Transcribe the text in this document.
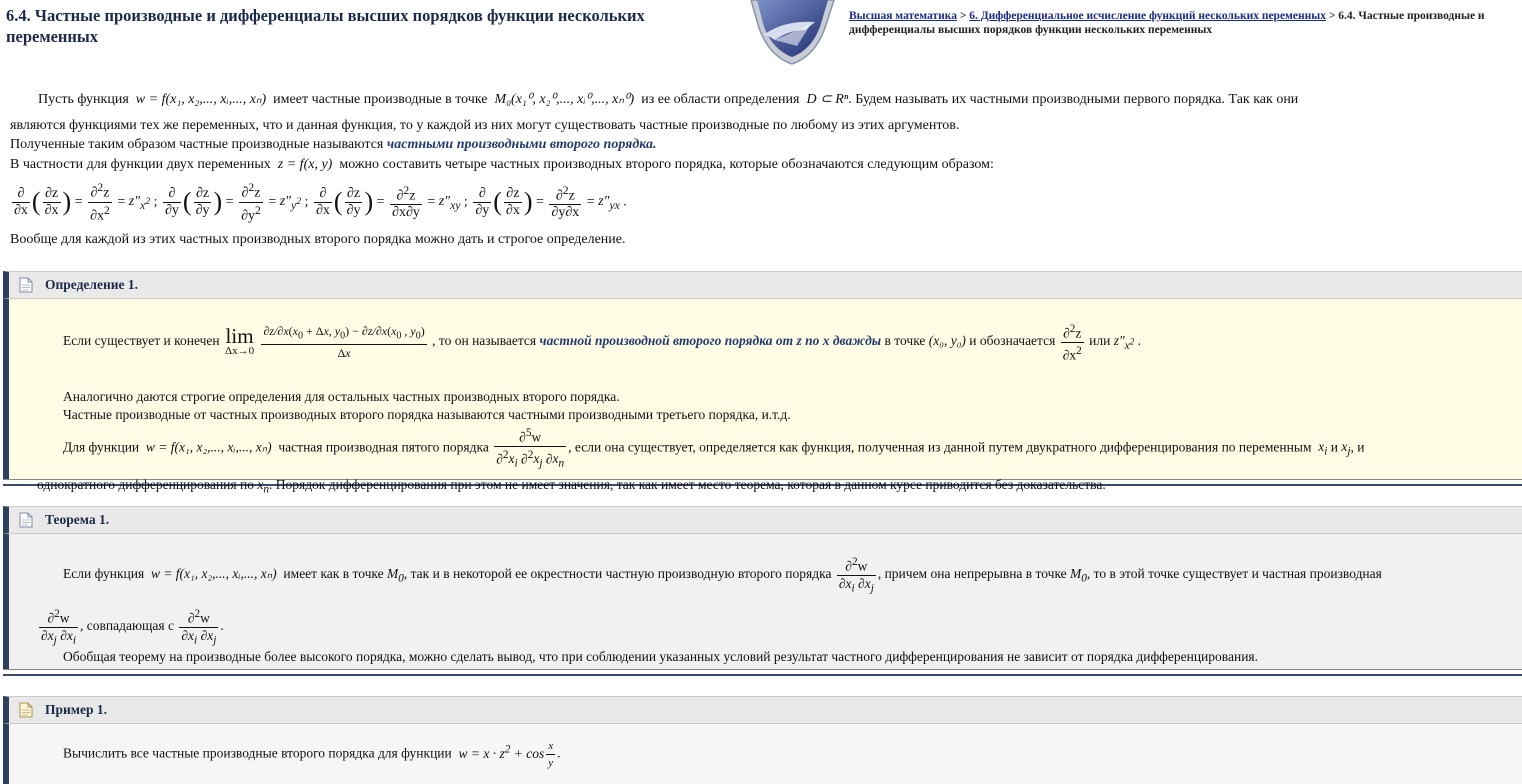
6.4. Частные производные и дифференциалы высших порядков функции нескольких переменных
Высшая математика > 6. Дифференциальное исчисление функций нескольких переменных > 6.4. Частные производные и
дифференциалы высших порядков функции нескольких переменных
Пусть функция w = f(x₁, x₂,..., xᵢ,..., xₙ) имеет частные производные в точке M₀(x₁⁰, x₂⁰,..., xᵢ⁰,..., xₙ⁰) из ее области определения D ⊂ Rⁿ. Будем называть их частными производными первого порядка. Так как они
являются функциями тех же переменных, что и данная функция, то у каждой из них могут существовать частные производные по любому из этих аргументов.
Полученные таким образом частные производные называются частными производными второго порядка.
В частности для функции двух переменных z = f(x, y) можно составить четыре частных производных второго порядка, которые обозначаются следующим образом:
$\frac{\partial}{\partial x}$ ( $\frac{\partial z}{\partial x}$ ) = $\frac{\partial^2z}{\partial x^2} = z''_{x^2}$ ; $\frac{\partial}{\partial y}$ ( $\frac{\partial z}{\partial y}$ ) = $\frac{\partial^2z}{\partial y^2} = z''_{y^2}$ ; $\frac{\partial}{\partial x}$ ( $\frac{\partial z}{\partial y}$ ) = $\frac{\partial^2z}{\partial x\partial y} = z''_{xy}$ ; $\frac{\partial}{\partial y}$ ( $\frac{\partial z}{\partial x}$ ) = $\frac{\partial^2z}{\partial y\partial x} = z''_{yx}$ .
Вообще для каждой из этих частных производных второго порядка можно дать и строгое определение.
Определение 1.
Если существует и конечен lim
Δx→0
$\frac{\partial z/\partial x(x_0 + \Delta x, y_0) - \partial z/\partial x(x_0 , y_0)}{\Delta x}$ , то он называется частной производной второго порядка от z по x дважды в точке (x₀, y₀) и обозначается $\frac{\partial^2z}{\partial x^2}$ или $z''_{x^2}$ .
Аналогично даются строгие определения для остальных частных производных второго порядка.
Частные производные от частных производных второго порядка называются частными производными третьего порядка, и.т.д.
Для функции w = f(x₁, x₂,..., xᵢ,..., xₙ) частная производная пятого порядка $\frac{\partial^5w}{\partial^2x_i \partial^2x_j \partial x_n}$ , если она существует, определяется как функция, полученная из данной путем двукратного дифференцирования по переменным $x_i$ и $x_j$, и
однократного дифференцирования по $x_n$. Порядок дифференцирования при этом не имеет значения, так как имеет место теорема, которая в данном курсе приводится без доказательства.
Теорема 1.
Если функция w = f(x₁, x₂,..., xᵢ,..., xₙ) имеет как в точке $M_0$, так и в некоторой ее окрестности частную производную второго порядка $\frac{\partial^2w}{\partial x_i \partial x_j}$ , причем она непрерывна в точке $M_0$, то в этой точке существует и частная производная
$\frac{\partial^2w}{\partial x_j \partial x_i}$ , совпадающая с $\frac{\partial^2w}{\partial x_i \partial x_j}$ .
Обобщая теорему на производные более высокого порядка, можно сделать вывод, что при соблюдении указанных условий результат частного дифференцирования не зависит от порядка дифференцирования.
Пример 1.
Вычислить все частные производные второго порядка для функции $w = x \cdot z^2 + \cos \frac{x}{y}$ .
